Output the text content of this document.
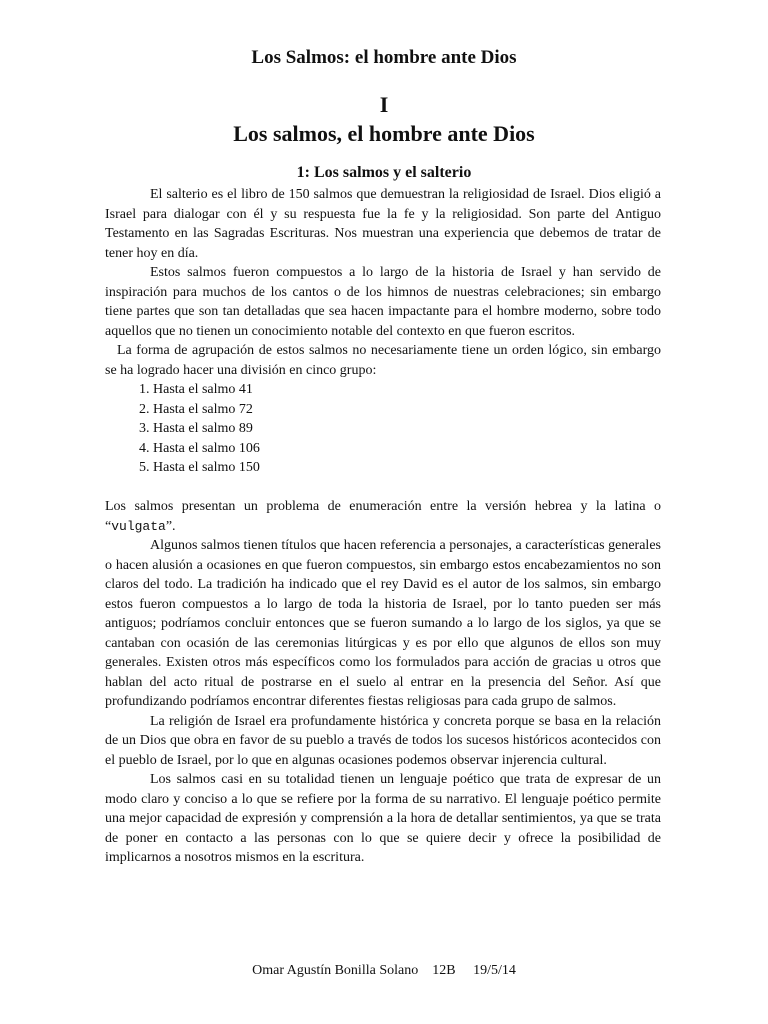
Los Salmos: el hombre ante Dios
I
Los salmos, el hombre ante Dios
1: Los salmos y el salterio

El salterio es el libro de 150 salmos que demuestran la religiosidad de Israel. Dios eligió a Israel para dialogar con él y su respuesta fue la fe y la religiosidad. Son parte del Antiguo Testamento en las Sagradas Escrituras. Nos muestran una experiencia que debemos de tratar de tener hoy en día.

Estos salmos fueron compuestos a lo largo de la historia de Israel y han servido de inspiración para muchos de los cantos o de los himnos de nuestras celebraciones; sin embargo tiene partes que son tan detalladas que sea hacen impactante para el hombre moderno, sobre todo aquellos que no tienen un conocimiento notable del contexto en que fueron escritos.

La forma de agrupación de estos salmos no necesariamente tiene un orden lógico, sin embargo se ha logrado hacer una división en cinco grupo:

1. Hasta el salmo 41
2. Hasta el salmo 72
3. Hasta el salmo 89
4. Hasta el salmo 106
5. Hasta el salmo 150

Los salmos presentan un problema de enumeración entre la versión hebrea y la latina o “vulgata”.

Algunos salmos tienen títulos que hacen referencia a personajes, a características generales o hacen alusión a ocasiones en que fueron compuestos, sin embargo estos encabezamientos no son claros del todo. La tradición ha indicado que el rey David es el autor de los salmos, sin embargo estos fueron compuestos a lo largo de toda la historia de Israel, por lo tanto pueden ser más antiguos; podríamos concluir entonces que se fueron sumando a lo largo de los siglos, ya que se cantaban con ocasión de las ceremonias litúrgicas y es por ello que algunos de ellos son muy generales. Existen otros más específicos como los formulados para acción de gracias u otros que hablan del acto ritual de postrarse en el suelo al entrar en la presencia del Señor. Así que profundizando podríamos encontrar diferentes fiestas religiosas para cada grupo de salmos.

La religión de Israel era profundamente histórica y concreta porque se basa en la relación de un Dios que obra en favor de su pueblo a través de todos los sucesos históricos acontecidos con el pueblo de Israel, por lo que en algunas ocasiones podemos observar injerencia cultural.

Los salmos casi en su totalidad tienen un lenguaje poético que trata de expresar de un modo claro y conciso a lo que se refiere por la forma de su narrativo. El lenguaje poético permite una mejor capacidad de expresión y comprensión a la hora de detallar sentimientos, ya que se trata de poner en contacto a las personas con lo que se quiere decir y ofrece la posibilidad de implicarnos a nosotros mismos en la escritura.

Omar Agustín Bonilla Solano 12B 19/5/14
